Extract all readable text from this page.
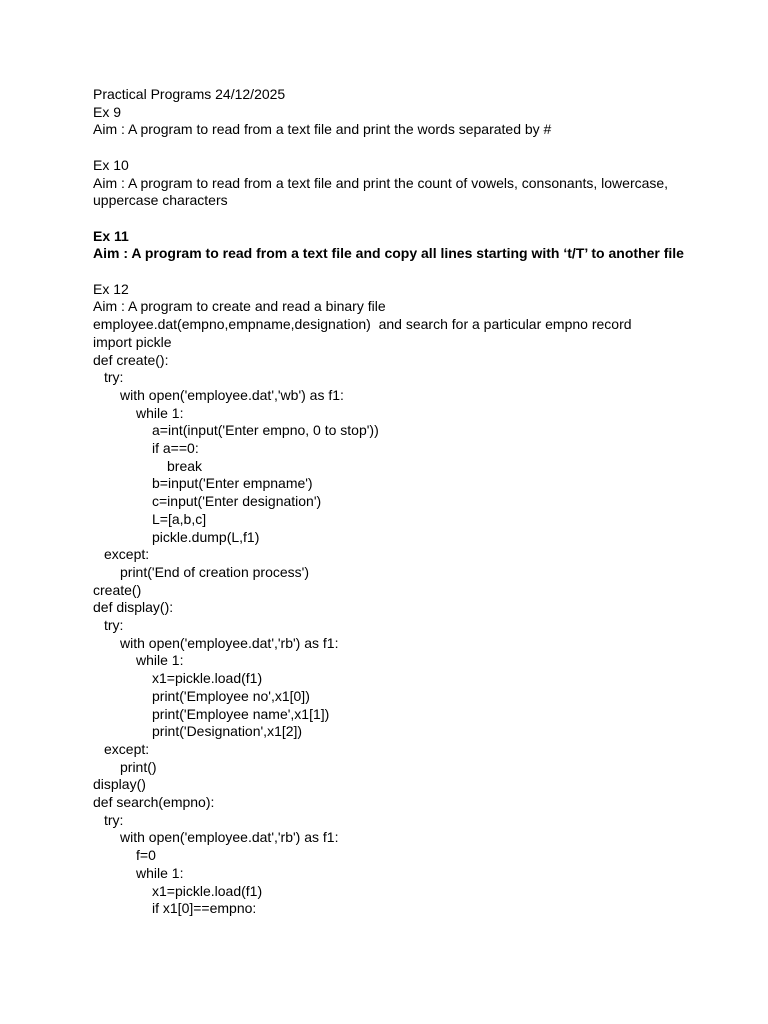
Practical Programs 24/12/2025
Ex 9
Aim : A program to read from a text file and print the words separated by #
Ex 10
Aim : A program to read from a text file and print the count of vowels, consonants, lowercase, uppercase characters
Ex 11
Aim : A program to read from a text file and copy all lines starting with ‘t/T’ to another file
Ex 12
Aim : A program to create and read a binary file
employee.dat(empno,empname,designation)  and search for a particular empno record
import pickle
def create():
try:
with open('employee.dat','wb') as f1:
while 1:
a=int(input('Enter empno, 0 to stop'))
if a==0:
break
b=input('Enter empname')
c=input('Enter designation')
L=[a,b,c]
pickle.dump(L,f1)
except:
print('End of creation process')
create()
def display():
try:
with open('employee.dat','rb') as f1:
while 1:
x1=pickle.load(f1)
print('Employee no',x1[0])
print('Employee name',x1[1])
print('Designation',x1[2])
except:
print()
display()
def search(empno):
try:
with open('employee.dat','rb') as f1:
f=0
while 1:
x1=pickle.load(f1)
if x1[0]==empno:
